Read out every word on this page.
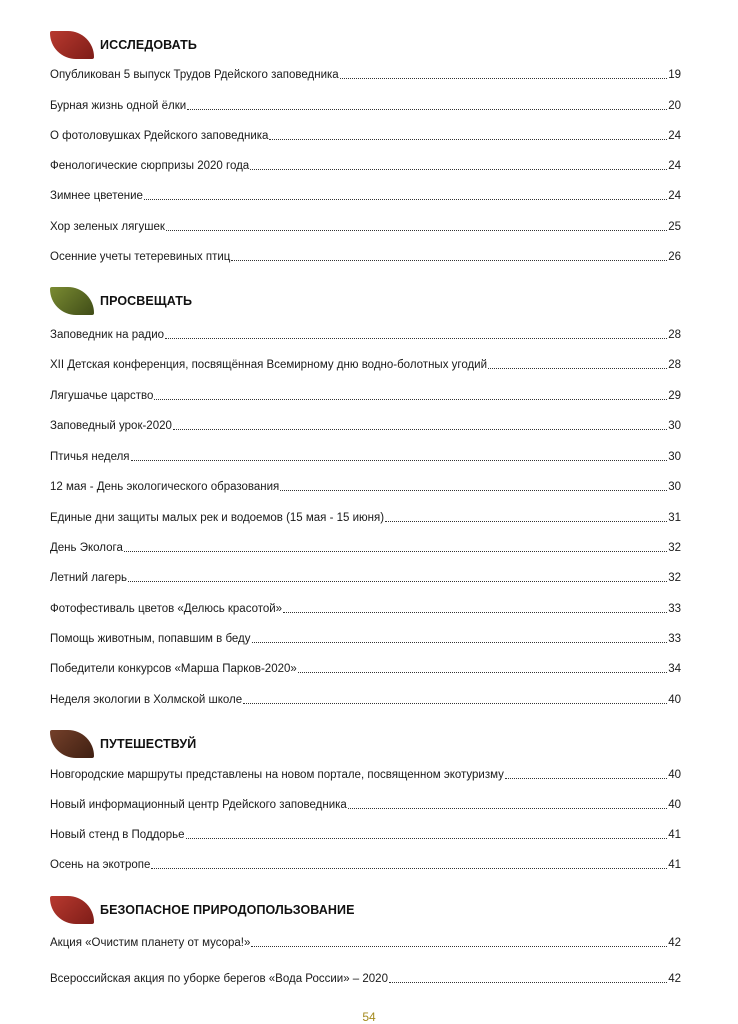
ИССЛЕДОВАТЬ
Опубликован 5 выпуск Трудов Рдейского заповедника	19
Бурная жизнь одной ёлки	20
О фотоловушках Рдейского заповедника	24
Фенологические сюрпризы 2020 года	24
Зимнее цветение	24
Хор зеленых лягушек	25
Осенние учеты тетеревиных птиц	26
ПРОСВЕЩАТЬ
Заповедник на радио	28
XII Детская конференция, посвящённая Всемирному дню водно-болотных угодий	28
Лягушачье царство	29
Заповедный урок-2020	30
Птичья неделя	30
12 мая - День экологического образования	30
Единые дни защиты малых рек и водоемов (15 мая - 15 июня)	31
День Эколога	32
Летний лагерь	32
Фотофестиваль цветов «Делюсь красотой»	33
Помощь животным, попавшим в беду	33
Победители конкурсов «Марша Парков-2020»	34
Неделя экологии в Холмской школе	40
ПУТЕШЕСТВУЙ
Новгородские маршруты представлены на новом портале, посвященном экотуризму	40
Новый информационный центр Рдейского заповедника	40
Новый стенд в Поддорье	41
Осень на экотропе	41
БЕЗОПАСНОЕ ПРИРОДОПОЛЬЗОВАНИЕ
Акция «Очистим планету от мусора!»	42
Всероссийская акция по уборке берегов «Вода России» – 2020	42
54
